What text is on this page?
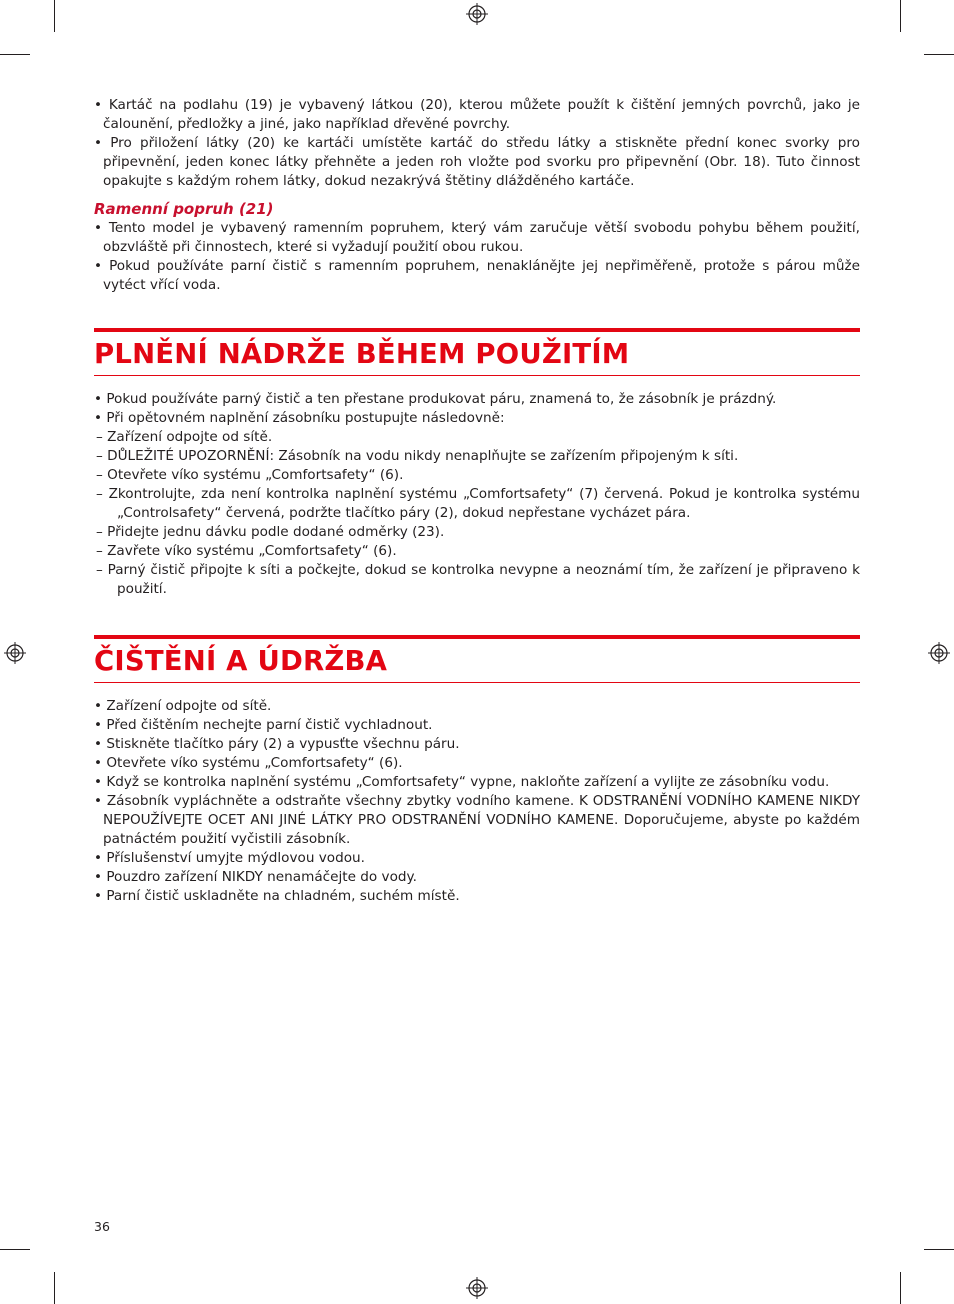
• Kartáč na podlahu (19) je vybavený látkou (20), kterou můžete použít k čištění jemných povrchů, jako je čalounění, předložky a jiné, jako například dřevěné povrchy.

• Pro přiložení látky (20) ke kartáči umístěte kartáč do středu látky a stiskněte přední konec svorky pro připevnění, jeden konec látky přehněte a jeden roh vložte pod svorku pro připevnění (Obr. 18). Tuto činnost opakujte s každým rohem látky, dokud nezakrývá štětiny dlážděného kartáče.

Ramenní popruh (21)

• Tento model je vybavený ramenním popruhem, který vám zaručuje větší svobodu pohybu během použití, obzvláště při činnostech, které si vyžadují použití obou rukou.

• Pokud používáte parní čistič s ramenním popruhem, nenaklánějte jej nepřiměřeně, protože s párou může vytéct vřící voda.

PLNĚNÍ NÁDRŽE BĚHEM POUŽITÍM

• Pokud používáte parný čistič a ten přestane produkovat páru, znamená to, že zásobník je prázdný.

• Při opětovném naplnění zásobníku postupujte následovně:

– Zařízení odpojte od sítě.

– DŮLEŽITÉ UPOZORNĚNÍ: Zásobník na vodu nikdy nenaplňujte se zařízením připojeným k síti.

– Otevřete víko systému „Comfortsafety“ (6).

– Zkontrolujte, zda není kontrolka naplnění systému „Comfortsafety“ (7) červená. Pokud je kontrolka systému „Controlsafety“ červená, podržte tlačítko páry (2), dokud nepřestane vycházet pára.

– Přidejte jednu dávku podle dodané odměrky (23).

– Zavřete víko systému „Comfortsafety“ (6).

– Parný čistič připojte k síti a počkejte, dokud se kontrolka nevypne a neoznámí tím, že zařízení je připraveno k použití.

ČIŠTĚNÍ A ÚDRŽBA

• Zařízení odpojte od sítě.

• Před čištěním nechejte parní čistič vychladnout.

• Stiskněte tlačítko páry (2) a vypusťte všechnu páru.

• Otevřete víko systému „Comfortsafety“ (6).

• Když se kontrolka naplnění systému „Comfortsafety“ vypne, nakloňte zařízení a vylijte ze zásobníku vodu.

• Zásobník vypláchněte a odstraňte všechny zbytky vodního kamene. K ODSTRANĚNÍ VODNÍHO KAMENE NIKDY NEPOUŽÍVEJTE OCET ANI JINÉ LÁTKY PRO ODSTRANĚNÍ VODNÍHO KAMENE. Doporučujeme, abyste po každém patnáctém použití vyčistili zásobník.

• Příslušenství umyjte mýdlovou vodou.

• Pouzdro zařízení NIKDY nenamáčejte do vody.

• Parní čistič uskladněte na chladném, suchém místě.

36
